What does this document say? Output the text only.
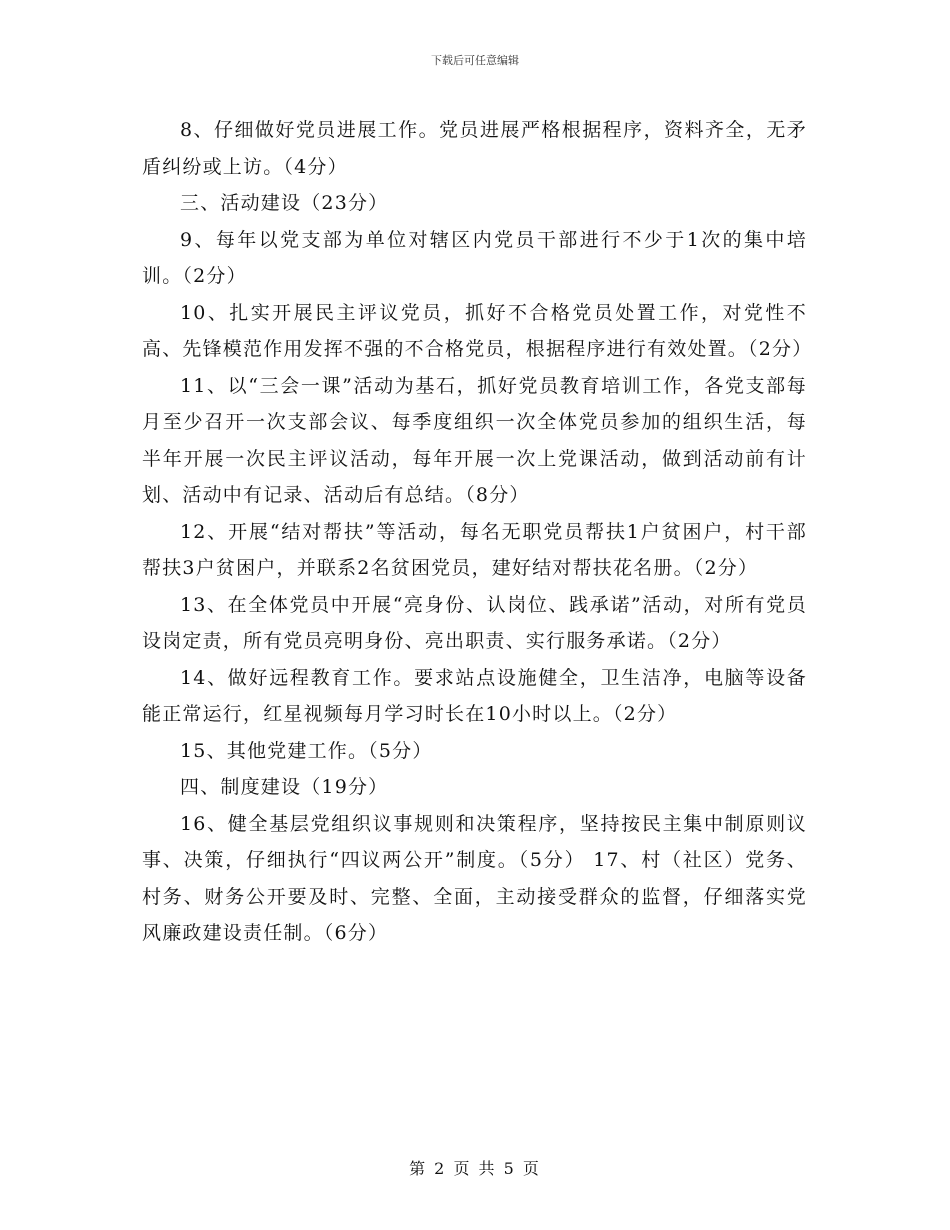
下载后可任意编辑

8、仔细做好党员进展工作。党员进展严格根据程序，资料齐全，无矛盾纠纷或上访。（4分）

三、活动建设（23分）

9、每年以党支部为单位对辖区内党员干部进行不少于1次的集中培训。（2分）

10、扎实开展民主评议党员，抓好不合格党员处置工作，对党性不高、先锋模范作用发挥不强的不合格党员，根据程序进行有效处置。（2分）

11、以“三会一课”活动为基石，抓好党员教育培训工作，各党支部每月至少召开一次支部会议、每季度组织一次全体党员参加的组织生活，每半年开展一次民主评议活动，每年开展一次上党课活动，做到活动前有计划、活动中有记录、活动后有总结。（8分）

12、开展“结对帮扶”等活动，每名无职党员帮扶1户贫困户，村干部帮扶3户贫困户，并联系2名贫困党员，建好结对帮扶花名册。（2分）

13、在全体党员中开展“亮身份、认岗位、践承诺”活动，对所有党员设岗定责，所有党员亮明身份、亮出职责、实行服务承诺。（2分）

14、做好远程教育工作。要求站点设施健全，卫生洁净，电脑等设备能正常运行，红星视频每月学习时长在10小时以上。（2分）

15、其他党建工作。（5分）

四、制度建设（19分）

16、健全基层党组织议事规则和决策程序，坚持按民主集中制原则议事、决策，仔细执行“四议两公开”制度。（5分） 17、村（社区）党务、村务、财务公开要及时、完整、全面，主动接受群众的监督，仔细落实党风廉政建设责任制。（6分）

第 2 页 共 5 页
